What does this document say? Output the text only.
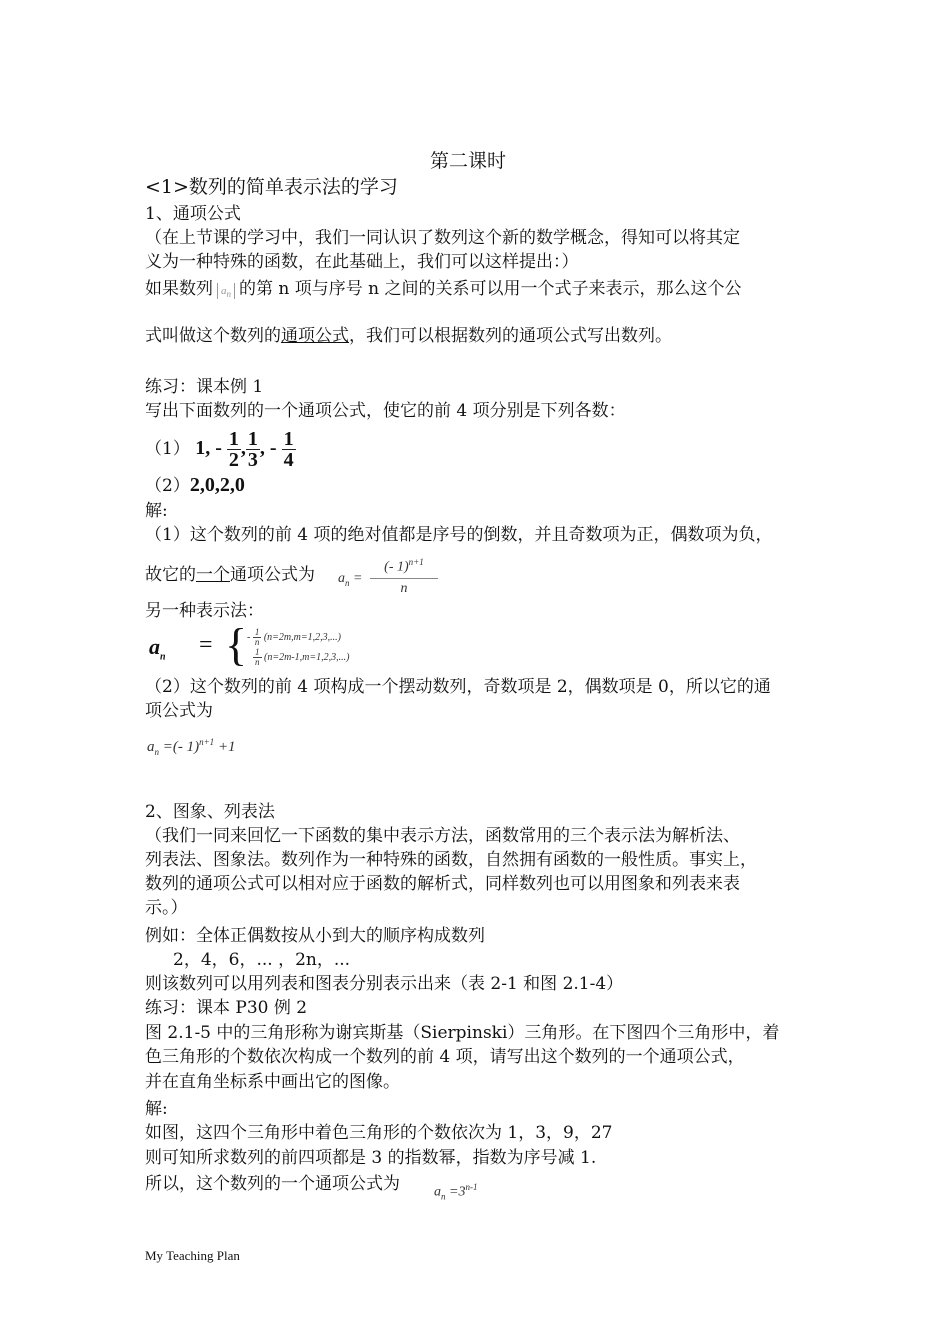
第二课时
<1>数列的简单表示法的学习
1、通项公式
（在上节课的学习中，我们一同认识了数列这个新的数学概念，得知可以将其定
义为一种特殊的函数，在此基础上，我们可以这样提出：）
如果数列 $a_n$ 的第 n 项与序号 n 之间的关系可以用一个式子来表示，那么这个公
式叫做这个数列的通项公式，我们可以根据数列的通项公式写出数列。
练习：课本例 1
写出下面数列的一个通项公式，使它的前 4 项分别是下列各数：
（1） 1, - $\frac{1}{2}$ , $\frac{1}{3}$ , - $\frac{1}{4}$
（2）2,0,2,0
解:
（1）这个数列的前 4 项的绝对值都是序号的倒数，并且奇数项为正，偶数项为负，
故它的一个通项公式为 $a_n = \frac{(- 1)^{n+1}}{n}$
另一种表示法：
$a_n$ = { - $\frac{1}{n} (n=2m,m=1,2,3,...)$
$\frac{1}{n} (n=2m-1,m=1,2,3,...)$
（2）这个数列的前 4 项构成一个摆动数列，奇数项是 2，偶数项是 0，所以它的通
项公式为
$a_n$ =(- 1)$^{n+1}$ +1
2、图象、列表法
（我们一同来回忆一下函数的集中表示方法，函数常用的三个表示法为解析法、
列表法、图象法。数列作为一种特殊的函数，自然拥有函数的一般性质。事实上，
数列的通项公式可以相对应于函数的解析式，同样数列也可以用图象和列表来表
示。）
例如：全体正偶数按从小到大的顺序构成数列
2，4，6，... ，2n，...
则该数列可以用列表和图表分别表示出来（表 2-1 和图 2.1-4）
练习：课本 P30 例 2
图 2.1-5 中的三角形称为谢宾斯基（Sierpinski）三角形。在下图四个三角形中，着
色三角形的个数依次构成一个数列的前 4 项，请写出这个数列的一个通项公式，
并在直角坐标系中画出它的图像。
解:
如图，这四个三角形中着色三角形的个数依次为 1，3，9，27
则可知所求数列的前四项都是 3 的指数幂，指数为序号减 1.
所以，这个数列的一个通项公式为 $a_n =3^{n-1}$
My Teaching Plan
